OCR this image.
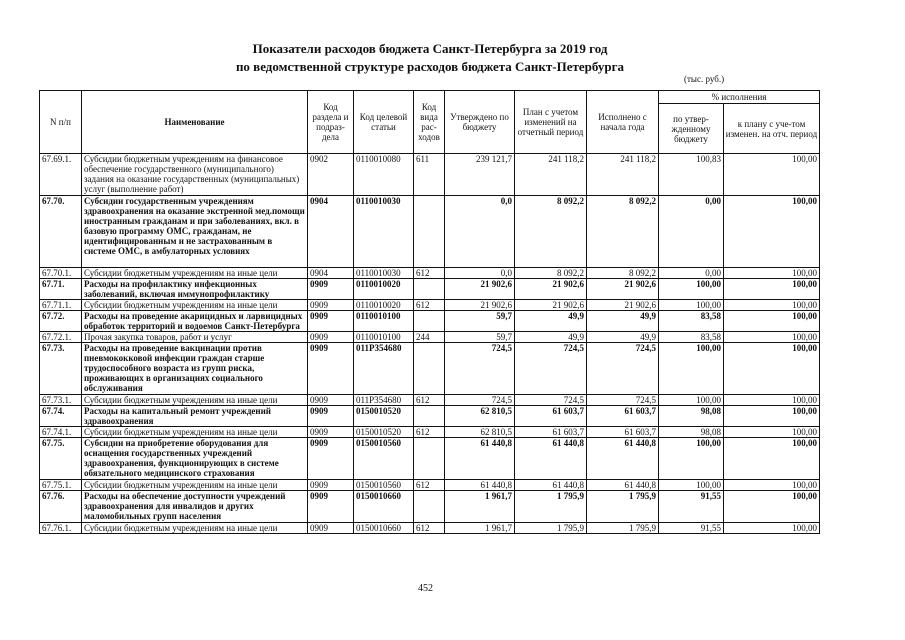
Показатели расходов бюджета Санкт-Петербурга за 2019 год
по ведомственной структуре расходов бюджета Санкт-Петербурга
(тыс. руб.)
N п/п	Наименование	Код раздела и подраз-дела	Код целевой статьи	Код вида рас-ходов	Утверждено по бюджету	План с учетом изменений на отчетный период	Исполнено с начала года	% исполнения	
								по утвер-жденному бюджету	к плану с уче-том изменен. на отч. период
67.69.1.	Субсидии бюджетным учреждениям на финансовое обеспечение государственного (муниципального) задания на оказание государственных (муниципальных) услуг (выполнение работ)	0902	0110010080	611	239 121,7	241 118,2	241 118,2	100,83	100,00
67.70.	Субсидии государственным учреждениям здравоохранения на оказание экстренной мед.помощи иностранным гражданам и при заболеваниях, вкл. в базовую программу ОМС, гражданам, не идентифицированным и не застрахованным в системе ОМС, в амбулаторных условиях	0904	0110010030		0,0	8 092,2	8 092,2	0,00	100,00
67.70.1.	Субсидии бюджетным учреждениям на иные цели	0904	0110010030	612	0,0	8 092,2	8 092,2	0,00	100,00
67.71.	Расходы на профилактику инфекционных заболеваний, включая иммунопрофилактику	0909	0110010020		21 902,6	21 902,6	21 902,6	100,00	100,00
67.71.1.	Субсидии бюджетным учреждениям на иные цели	0909	0110010020	612	21 902,6	21 902,6	21 902,6	100,00	100,00
67.72.	Расходы на проведение акарицидных и ларвицидных обработок территорий и водоемов Санкт-Петербурга	0909	0110010100		59,7	49,9	49,9	83,58	100,00
67.72.1.	Прочая закупка товаров, работ и услуг	0909	0110010100	244	59,7	49,9	49,9	83,58	100,00
67.73.	Расходы на проведение вакцинации против пневмококковой инфекции граждан старше трудоспособного возраста из групп риска, проживающих в организациях социального обслуживания	0909	011P354680		724,5	724,5	724,5	100,00	100,00
67.73.1.	Субсидии бюджетным учреждениям на иные цели	0909	011P354680	612	724,5	724,5	724,5	100,00	100,00
67.74.	Расходы на капитальный ремонт учреждений здравоохранения	0909	0150010520		62 810,5	61 603,7	61 603,7	98,08	100,00
67.74.1.	Субсидии бюджетным учреждениям на иные цели	0909	0150010520	612	62 810,5	61 603,7	61 603,7	98,08	100,00
67.75.	Субсидии на приобретение оборудования для оснащения государственных учреждений здравоохранения, функционирующих в системе обязательного медицинского страхования	0909	0150010560		61 440,8	61 440,8	61 440,8	100,00	100,00
67.75.1.	Субсидии бюджетным учреждениям на иные цели	0909	0150010560	612	61 440,8	61 440,8	61 440,8	100,00	100,00
67.76.	Расходы на обеспечение доступности учреждений здравоохранения для инвалидов и других маломобильных групп населения	0909	0150010660		1 961,7	1 795,9	1 795,9	91,55	100,00
67.76.1.	Субсидии бюджетным учреждениям на иные цели	0909	0150010660	612	1 961,7	1 795,9	1 795,9	91,55	100,00
452
